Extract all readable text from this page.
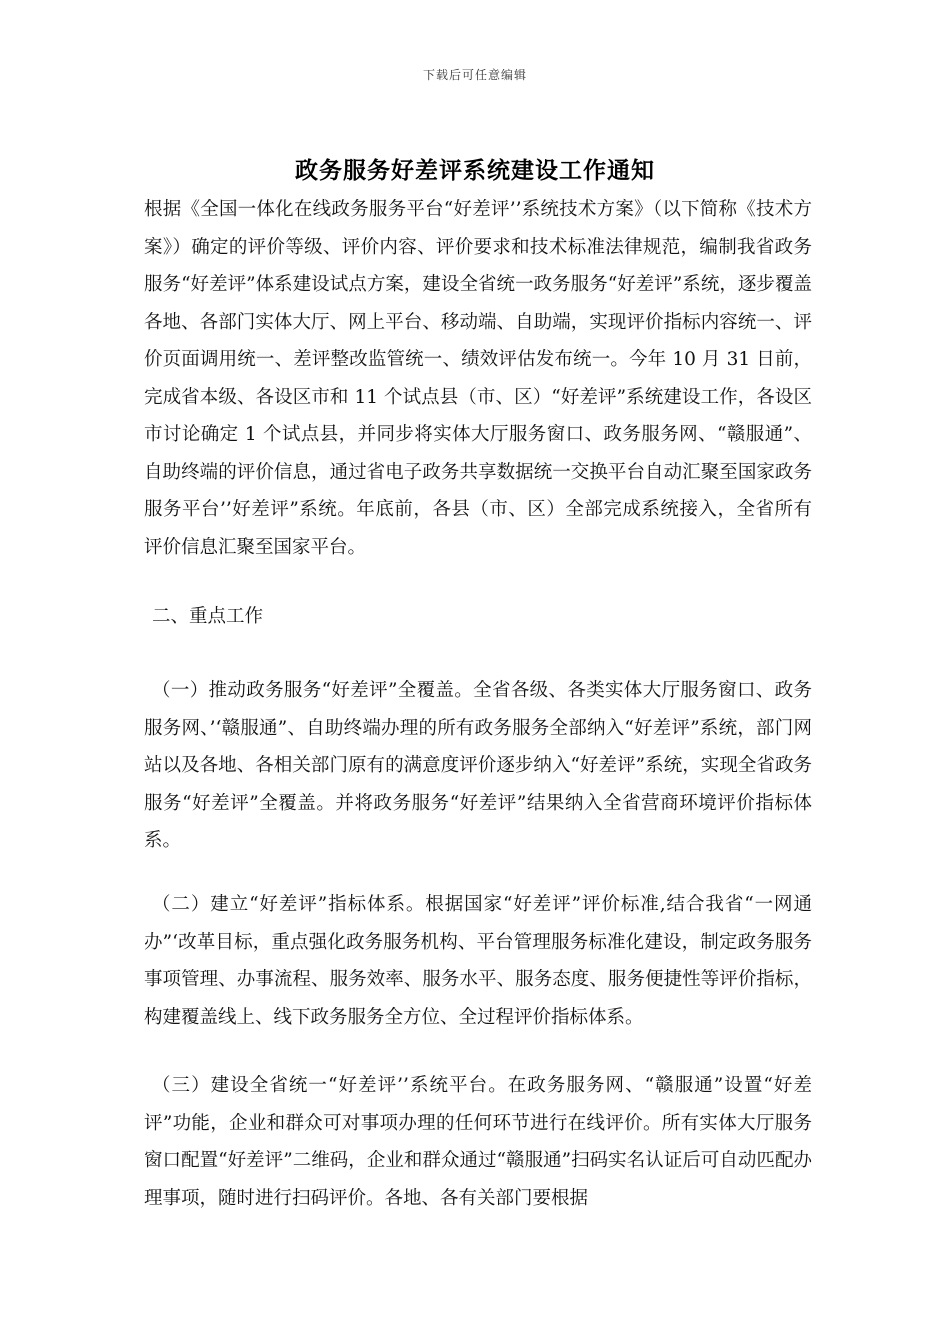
下载后可任意编辑
政务服务好差评系统建设工作通知

根据《全国一体化在线政务服务平台“好差评’’系统技术方案》（以下简称《技术方案》）确定的评价等级、评价内容、评价要求和技术标准法律规范，编制我省政务服务“好差评”体系建设试点方案，建设全省统一政务服务“好差评”系统，逐步覆盖各地、各部门实体大厅、网上平台、移动端、自助端，实现评价指标内容统一、评价页面调用统一、差评整改监管统一、绩效评估发布统一。今年 10 月 31 日前，完成省本级、各设区市和 11 个试点县（市、区）“好差评”系统建设工作，各设区市讨论确定 1 个试点县，并同步将实体大厅服务窗口、政务服务网、“赣服通”、自助终端的评价信息，通过省电子政务共享数据统一交换平台自动汇聚至国家政务服务平台’’好差评”系统。年底前，各县（市、区）全部完成系统接入，全省所有评价信息汇聚至国家平台。

二、重点工作

（一）推动政务服务“好差评”全覆盖。全省各级、各类实体大厅服务窗口、政务服务网、’‘赣服通”、自助终端办理的所有政务服务全部纳入“好差评”系统，部门网站以及各地、各相关部门原有的满意度评价逐步纳入“好差评”系统，实现全省政务服务“好差评”全覆盖。并将政务服务“好差评”结果纳入全省营商环境评价指标体系。

（二）建立“好差评”指标体系。根据国家“好差评”评价标准,结合我省“一网通办”‘改革目标，重点强化政务服务机构、平台管理服务标准化建设，制定政务服务事项管理、办事流程、服务效率、服务水平、服务态度、服务便捷性等评价指标，构建覆盖线上、线下政务服务全方位、全过程评价指标体系。

（三）建设全省统一“好差评’’系统平台。在政务服务网、“赣服通”设置“好差评”功能，企业和群众可对事项办理的任何环节进行在线评价。所有实体大厅服务窗口配置“好差评”二维码，企业和群众通过“赣服通”扫码实名认证后可自动匹配办理事项，随时进行扫码评价。各地、各有关部门要根据
